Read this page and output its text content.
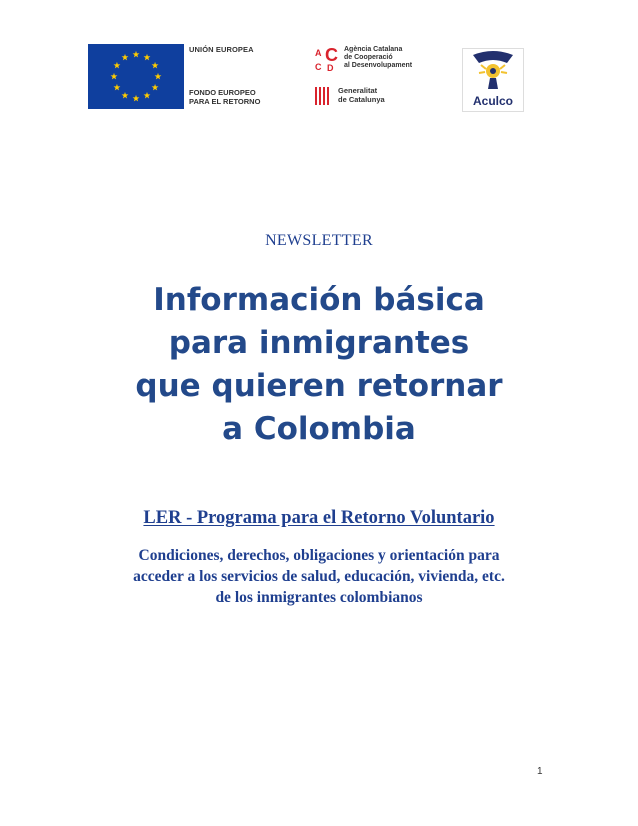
UNIÓN EUROPEA
FONDO EUROPEO
PARA EL RETORNO
A C
C D
Agència Catalana
de Cooperació
al Desenvolupament
Generalitat
de Catalunya	Aculco
NEWSLETTER
Información básica
para inmigrantes
que quieren retornar
a Colombia
LER - Programa para el Retorno Voluntario
Condiciones, derechos, obligaciones y orientación para
acceder a los servicios de salud, educación, vivienda, etc.
de los inmigrantes colombianos
1
